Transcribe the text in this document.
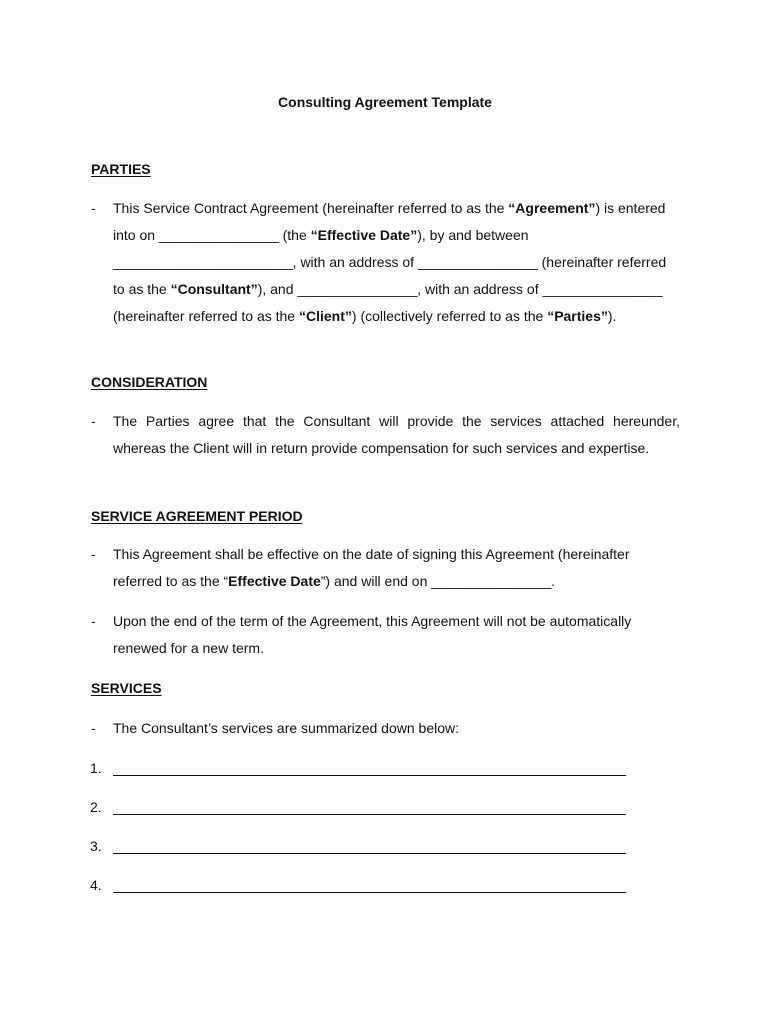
Consulting Agreement Template
PARTIES
-	This Service Contract Agreement (hereinafter referred to as the “Agreement”) is entered into on ________________ (the “Effective Date”), by and between ________________________, with an address of ________________ (hereinafter referred to as the “Consultant”), and ________________, with an address of ________________ (hereinafter referred to as the “Client”) (collectively referred to as the “Parties”).
CONSIDERATION
-	The Parties agree that the Consultant will provide the services attached hereunder, whereas the Client will in return provide compensation for such services and expertise.
SERVICE AGREEMENT PERIOD
-	This Agreement shall be effective on the date of signing this Agreement (hereinafter referred to as the “Effective Date”) and will end on ________________.
-	Upon the end of the term of the Agreement, this Agreement will not be automatically renewed for a new term.
SERVICES
-	The Consultant’s services are summarized down below:
1.
2.
3.
4.
